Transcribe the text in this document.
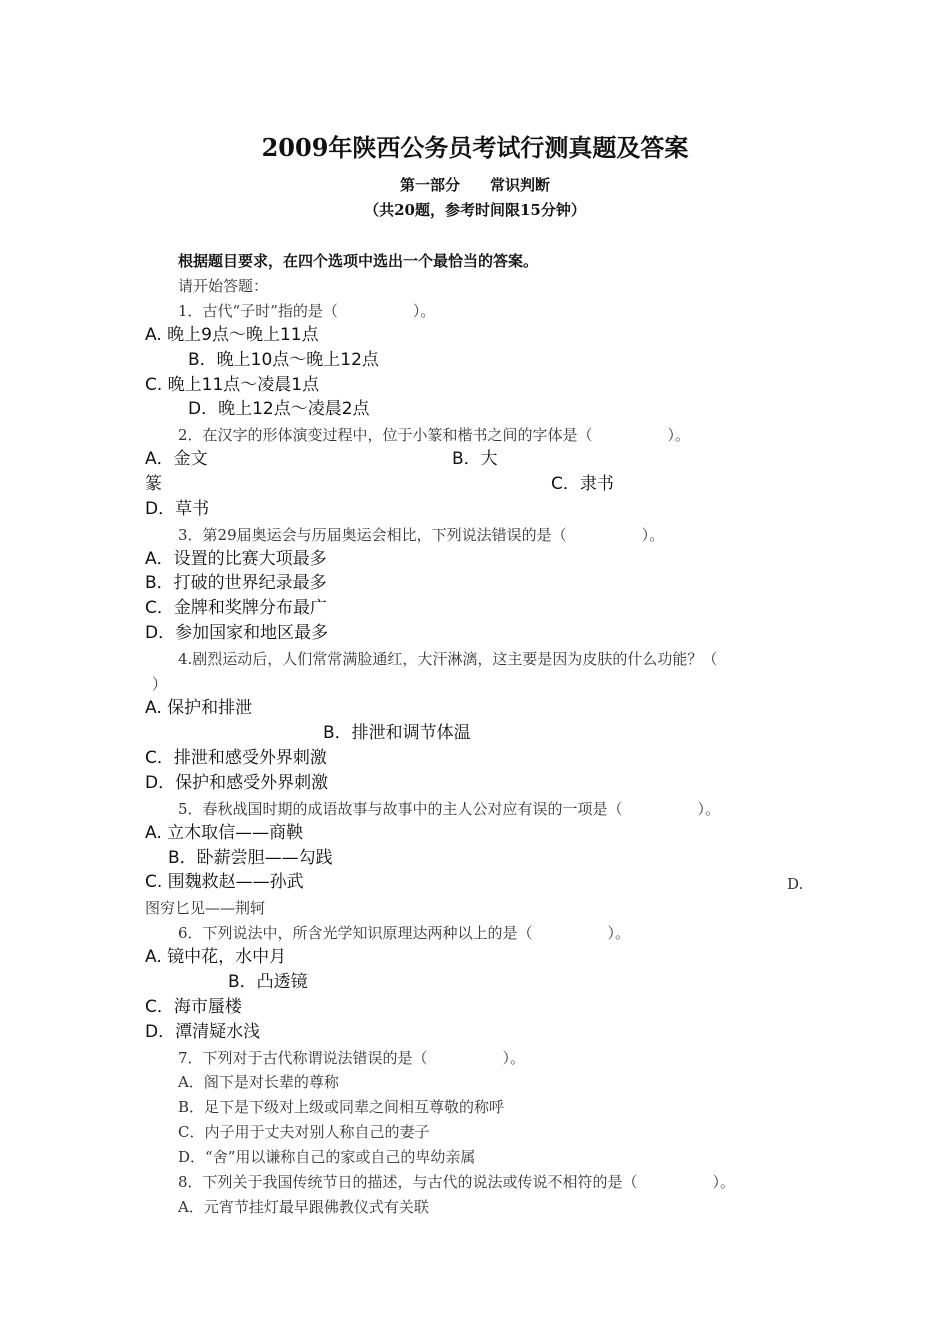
2009年陕西公务员考试行测真题及答案
第一部分　　常识判断
（共20题，参考时间限15分钟）
根据题目要求，在四个选项中选出一个最恰当的答案。
请开始答题：
1．古代“子时”指的是（　　　　　）。
A. 晚上9点～晚上11点
B．晚上10点～晚上12点
C. 晚上11点～凌晨1点
D．晚上12点～凌晨2点
2．在汉字的形体演变过程中，位于小篆和楷书之间的字体是（　　　　　）。
A．金文	B．大
篆	C．隶书
D．草书
3．第29届奥运会与历届奥运会相比，下列说法错误的是（　　　　　）。
A．设置的比赛大项最多
B．打破的世界纪录最多
C．金牌和奖牌分布最广
D．参加国家和地区最多
4.剧烈运动后，人们常常满脸通红，大汗淋漓，这主要是因为皮肤的什么功能？（
）
A. 保护和排泄
B．排泄和调节体温
C．排泄和感受外界刺激
D．保护和感受外界刺激
5．春秋战国时期的成语故事与故事中的主人公对应有误的一项是（　　　　　）。
A. 立木取信——商鞅
B．卧薪尝胆——勾践
C. 围魏救赵——孙武	D.
图穷匕见——荆轲
6．下列说法中，所含光学知识原理达两种以上的是（　　　　　）。
A. 镜中花，水中月
B．凸透镜
C．海市蜃楼
D．潭清疑水浅
7．下列对于古代称谓说法错误的是（　　　　　）。
A．阁下是对长辈的尊称
B．足下是下级对上级或同辈之间相互尊敬的称呼
C．内子用于丈夫对别人称自己的妻子
D．“舍”用以谦称自己的家或自己的卑幼亲属
8．下列关于我国传统节日的描述，与古代的说法或传说不相符的是（　　　　　）。
A．元宵节挂灯最早跟佛教仪式有关联
